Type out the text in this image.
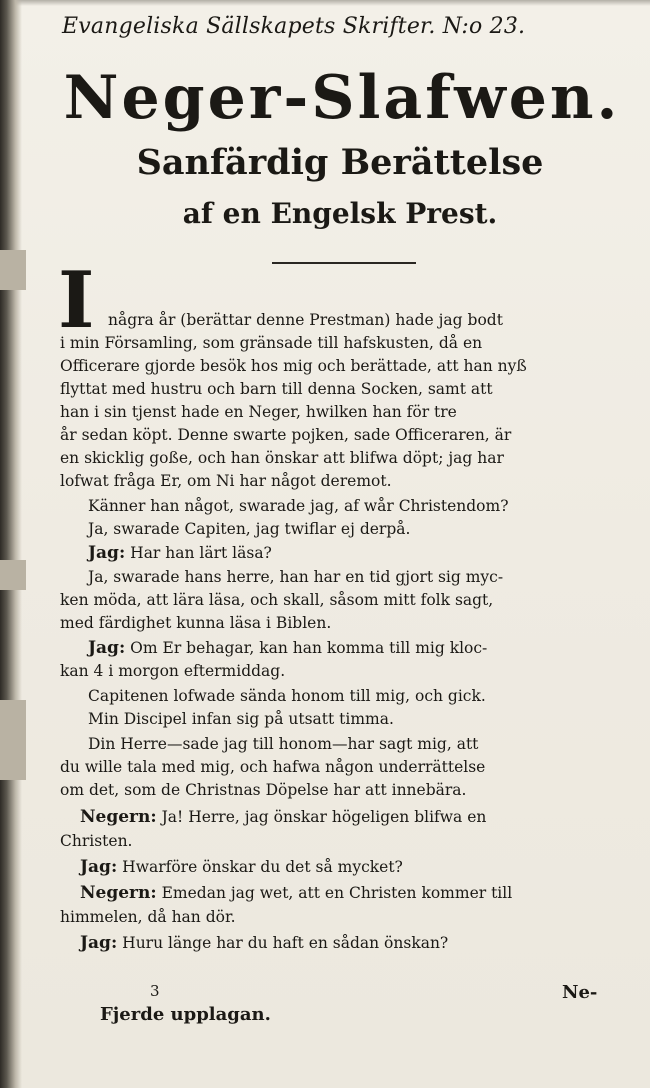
Evangeliska Sällskapets Skrifter. N:o 23.
Neger-Slafwen.
Sanfärdig Berättelse
af en Engelsk Prest.
I några år (berättar denne Prestman) hade jag bodt
i min Församling, som gränsade till hafskusten, då en
Officerare gjorde besök hos mig och berättade, att han nyß
flyttat med hustru och barn till denna Socken, samt att
han i sin tjenst hade en Neger, hwilken han för tre
år sedan köpt. Denne swarte pojken, sade Officeraren, är
en skicklig goße, och han önskar att blifwa döpt; jag har
lofwat fråga Er, om Ni har något deremot.
Känner han något, swarade jag, af wår Christendom?
Ja, swarade Capiten, jag twiflar ej derpå.
Jag: Har han lärt läsa?
Ja, swarade hans herre, han har en tid gjort sig myc-
ken möda, att lära läsa, och skall, såsom mitt folk sagt,
med färdighet kunna läsa i Biblen.
Jag: Om Er behagar, kan han komma till mig kloc-
kan 4 i morgon eftermiddag.
Capitenen lofwade sända honom till mig, och gick.
Min Discipel infan sig på utsatt timma.
Din Herre—sade jag till honom—har sagt mig, att
du wille tala med mig, och hafwa någon underrättelse
om det, som de Christnas Döpelse har att innebära.
Negern: Ja! Herre, jag önskar högeligen blifwa en
Christen.
Jag: Hwarföre önskar du det så mycket?
Negern: Emedan jag wet, att en Christen kommer till
himmelen, då han dör.
Jag: Huru länge har du haft en sådan önskan?
3
Fjerde upplagan.
Ne-
